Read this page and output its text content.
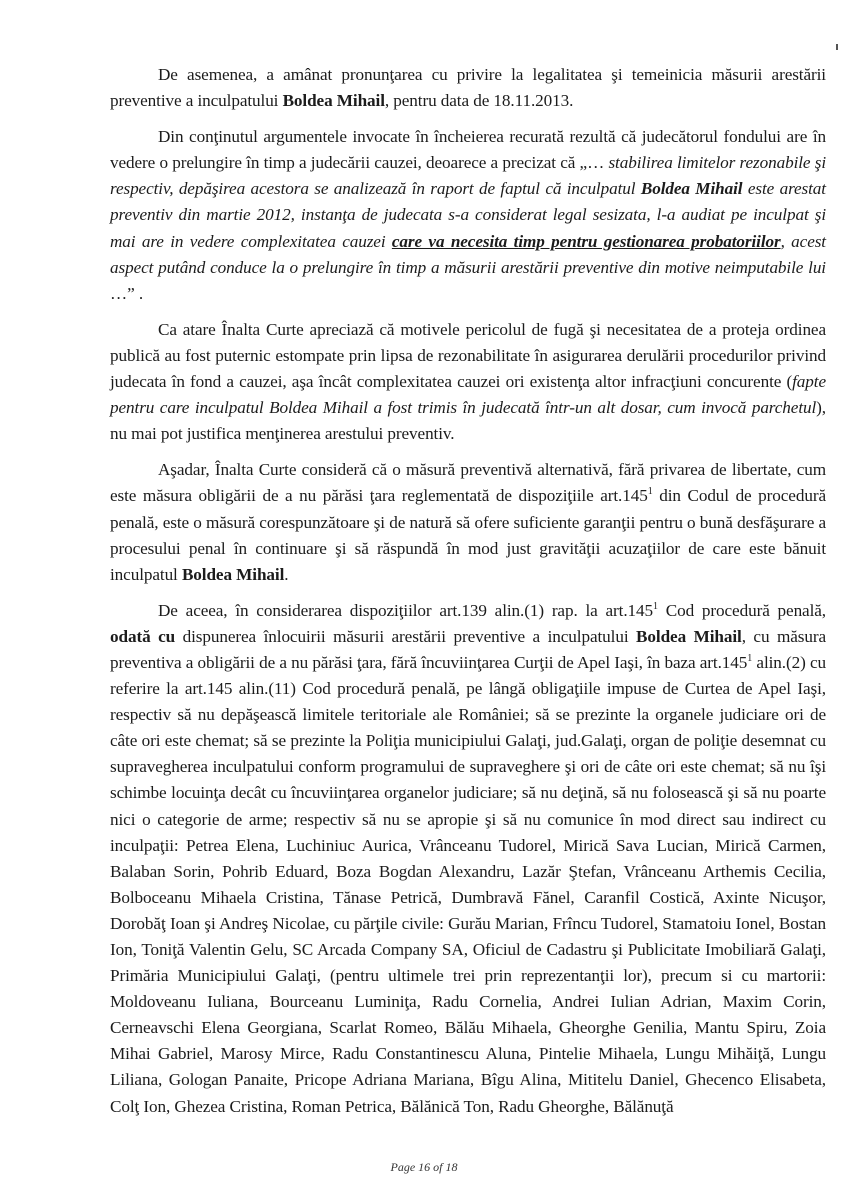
De asemenea, a amânat pronunţarea cu privire la legalitatea şi temeinicia măsurii arestării preventive a inculpatului Boldea Mihail, pentru data de 18.11.2013.

Din conţinutul argumentele invocate în încheierea recurată rezultă că judecătorul fondului are în vedere o prelungire în timp a judecării cauzei, deoarece a precizat că „… stabilirea limitelor rezonabile şi respectiv, depăşirea acestora se analizează în raport de faptul că inculpatul Boldea Mihail este arestat preventiv din martie 2012, instanţa de judecata s-a considerat legal sesizata, l-a audiat pe inculpat şi mai are in vedere complexitatea cauzei care va necesita timp pentru gestionarea probatoriilor, acest aspect putând conduce la o prelungire în timp a măsurii arestării preventive din motive neimputabile lui …” .

Ca atare Înalta Curte apreciază că motivele pericolul de fugă şi necesitatea de a proteja ordinea publică au fost puternic estompate prin lipsa de rezonabilitate în asigurarea derulării procedurilor privind judecata în fond a cauzei, aşa încât complexitatea cauzei ori existenţa altor infracţiuni concurente (fapte pentru care inculpatul Boldea Mihail a fost trimis în judecată într-un alt dosar, cum invocă parchetul), nu mai pot justifica menţinerea arestului preventiv.

Aşadar, Înalta Curte consideră că o măsură preventivă alternativă, fără privarea de libertate, cum este măsura obligării de a nu părăsi ţara reglementată de dispoziţiile art.145$^1$ din Codul de procedură penală, este o măsură corespunzătoare şi de natură să ofere suficiente garanţii pentru o bună desfăşurare a procesului penal în continuare şi să răspundă în mod just gravităţii acuzaţiilor de care este bănuit inculpatul Boldea Mihail.

De aceea, în considerarea dispoziţiilor art.139 alin.(1) rap. la art.145$^1$ Cod procedură penală, odată cu dispunerea înlocuirii măsurii arestării preventive a inculpatului Boldea Mihail, cu măsura preventiva a obligării de a nu părăsi ţara, fără încuviinţarea Curţii de Apel Iaşi, în baza art.145$^1$ alin.(2) cu referire la art.145 alin.(11) Cod procedură penală, pe lângă obligaţiile impuse de Curtea de Apel Iaşi, respectiv să nu depăşească limitele teritoriale ale României; să se prezinte la organele judiciare ori de câte ori este chemat; să se prezinte la Poliţia municipiului Galaţi, jud.Galaţi, organ de poliţie desemnat cu supravegherea inculpatului conform programului de supraveghere şi ori de câte ori este chemat; să nu îşi schimbe locuinţa decât cu încuviinţarea organelor judiciare; să nu deţină, să nu folosească şi să nu poarte nici o categorie de arme; respectiv să nu se apropie şi să nu comunice în mod direct sau indirect cu inculpaţii: Petrea Elena, Luchiniuc Aurica, Vrânceanu Tudorel, Mirică Sava Lucian, Mirică Carmen, Balaban Sorin, Pohrib Eduard, Boza Bogdan Alexandru, Lazăr Ştefan, Vrânceanu Arthemis Cecilia, Bolboceanu Mihaela Cristina, Tănase Petrică, Dumbravă Fănel, Caranfil Costică, Axinte Nicuşor, Dorobăţ Ioan şi Andreş Nicolae, cu părţile civile: Gurău Marian, Frîncu Tudorel, Stamatoiu Ionel, Bostan Ion, Toniţă Valentin Gelu, SC Arcada Company SA, Oficiul de Cadastru şi Publicitate Imobiliară Galaţi, Primăria Municipiului Galaţi, (pentru ultimele trei prin reprezentanţii lor), precum si cu martorii: Moldoveanu Iuliana, Bourceanu Luminiţa, Radu Cornelia, Andrei Iulian Adrian, Maxim Corin, Cerneavschi Elena Georgiana, Scarlat Romeo, Bălău Mihaela, Gheorghe Genilia, Mantu Spiru, Zoia Mihai Gabriel, Marosy Mirce, Radu Constantinescu Aluna, Pintelie Mihaela, Lungu Mihăiţă, Lungu Liliana, Gologan Panaite, Pricope Adriana Mariana, Bîgu Alina, Mititelu Daniel, Ghecenco Elisabeta, Colţ Ion, Ghezea Cristina, Roman Petrica, Bălănică Ton, Radu Gheorghe, Bălănuţă

Page 16 of 18
